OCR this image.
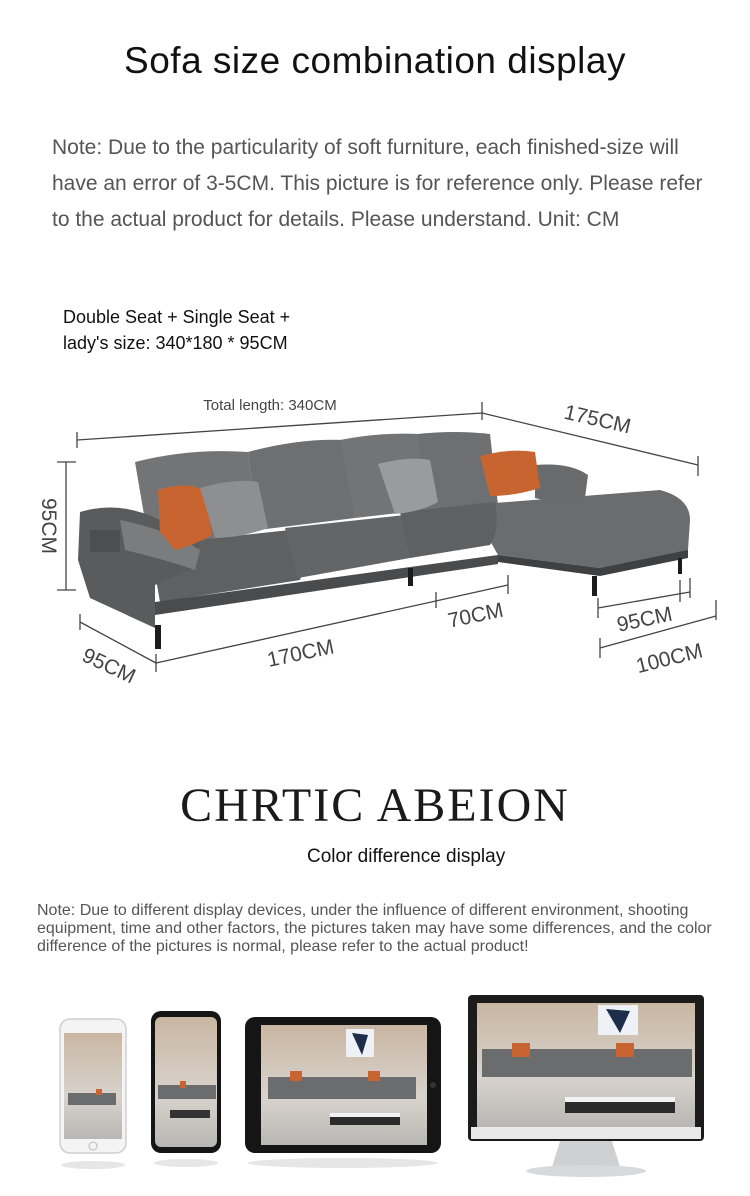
Sofa size combination display
Note: Due to the particularity of soft furniture, each finished-size will have an error of 3-5CM. This picture is for reference only. Please refer to the actual product for details. Please understand. Unit: CM
Double Seat + Single Seat +
lady's size: 340*180 * 95CM
Total length: 340CM	175CM
95CM
95CM	170CM
70CM	95CM
100CM
CHRTIC ABEION
Color difference display
Note: Due to different display devices, under the influence of different environment, shooting equipment, time and other factors, the pictures taken may have some differences, and the color difference of the pictures is normal, please refer to the actual product!
